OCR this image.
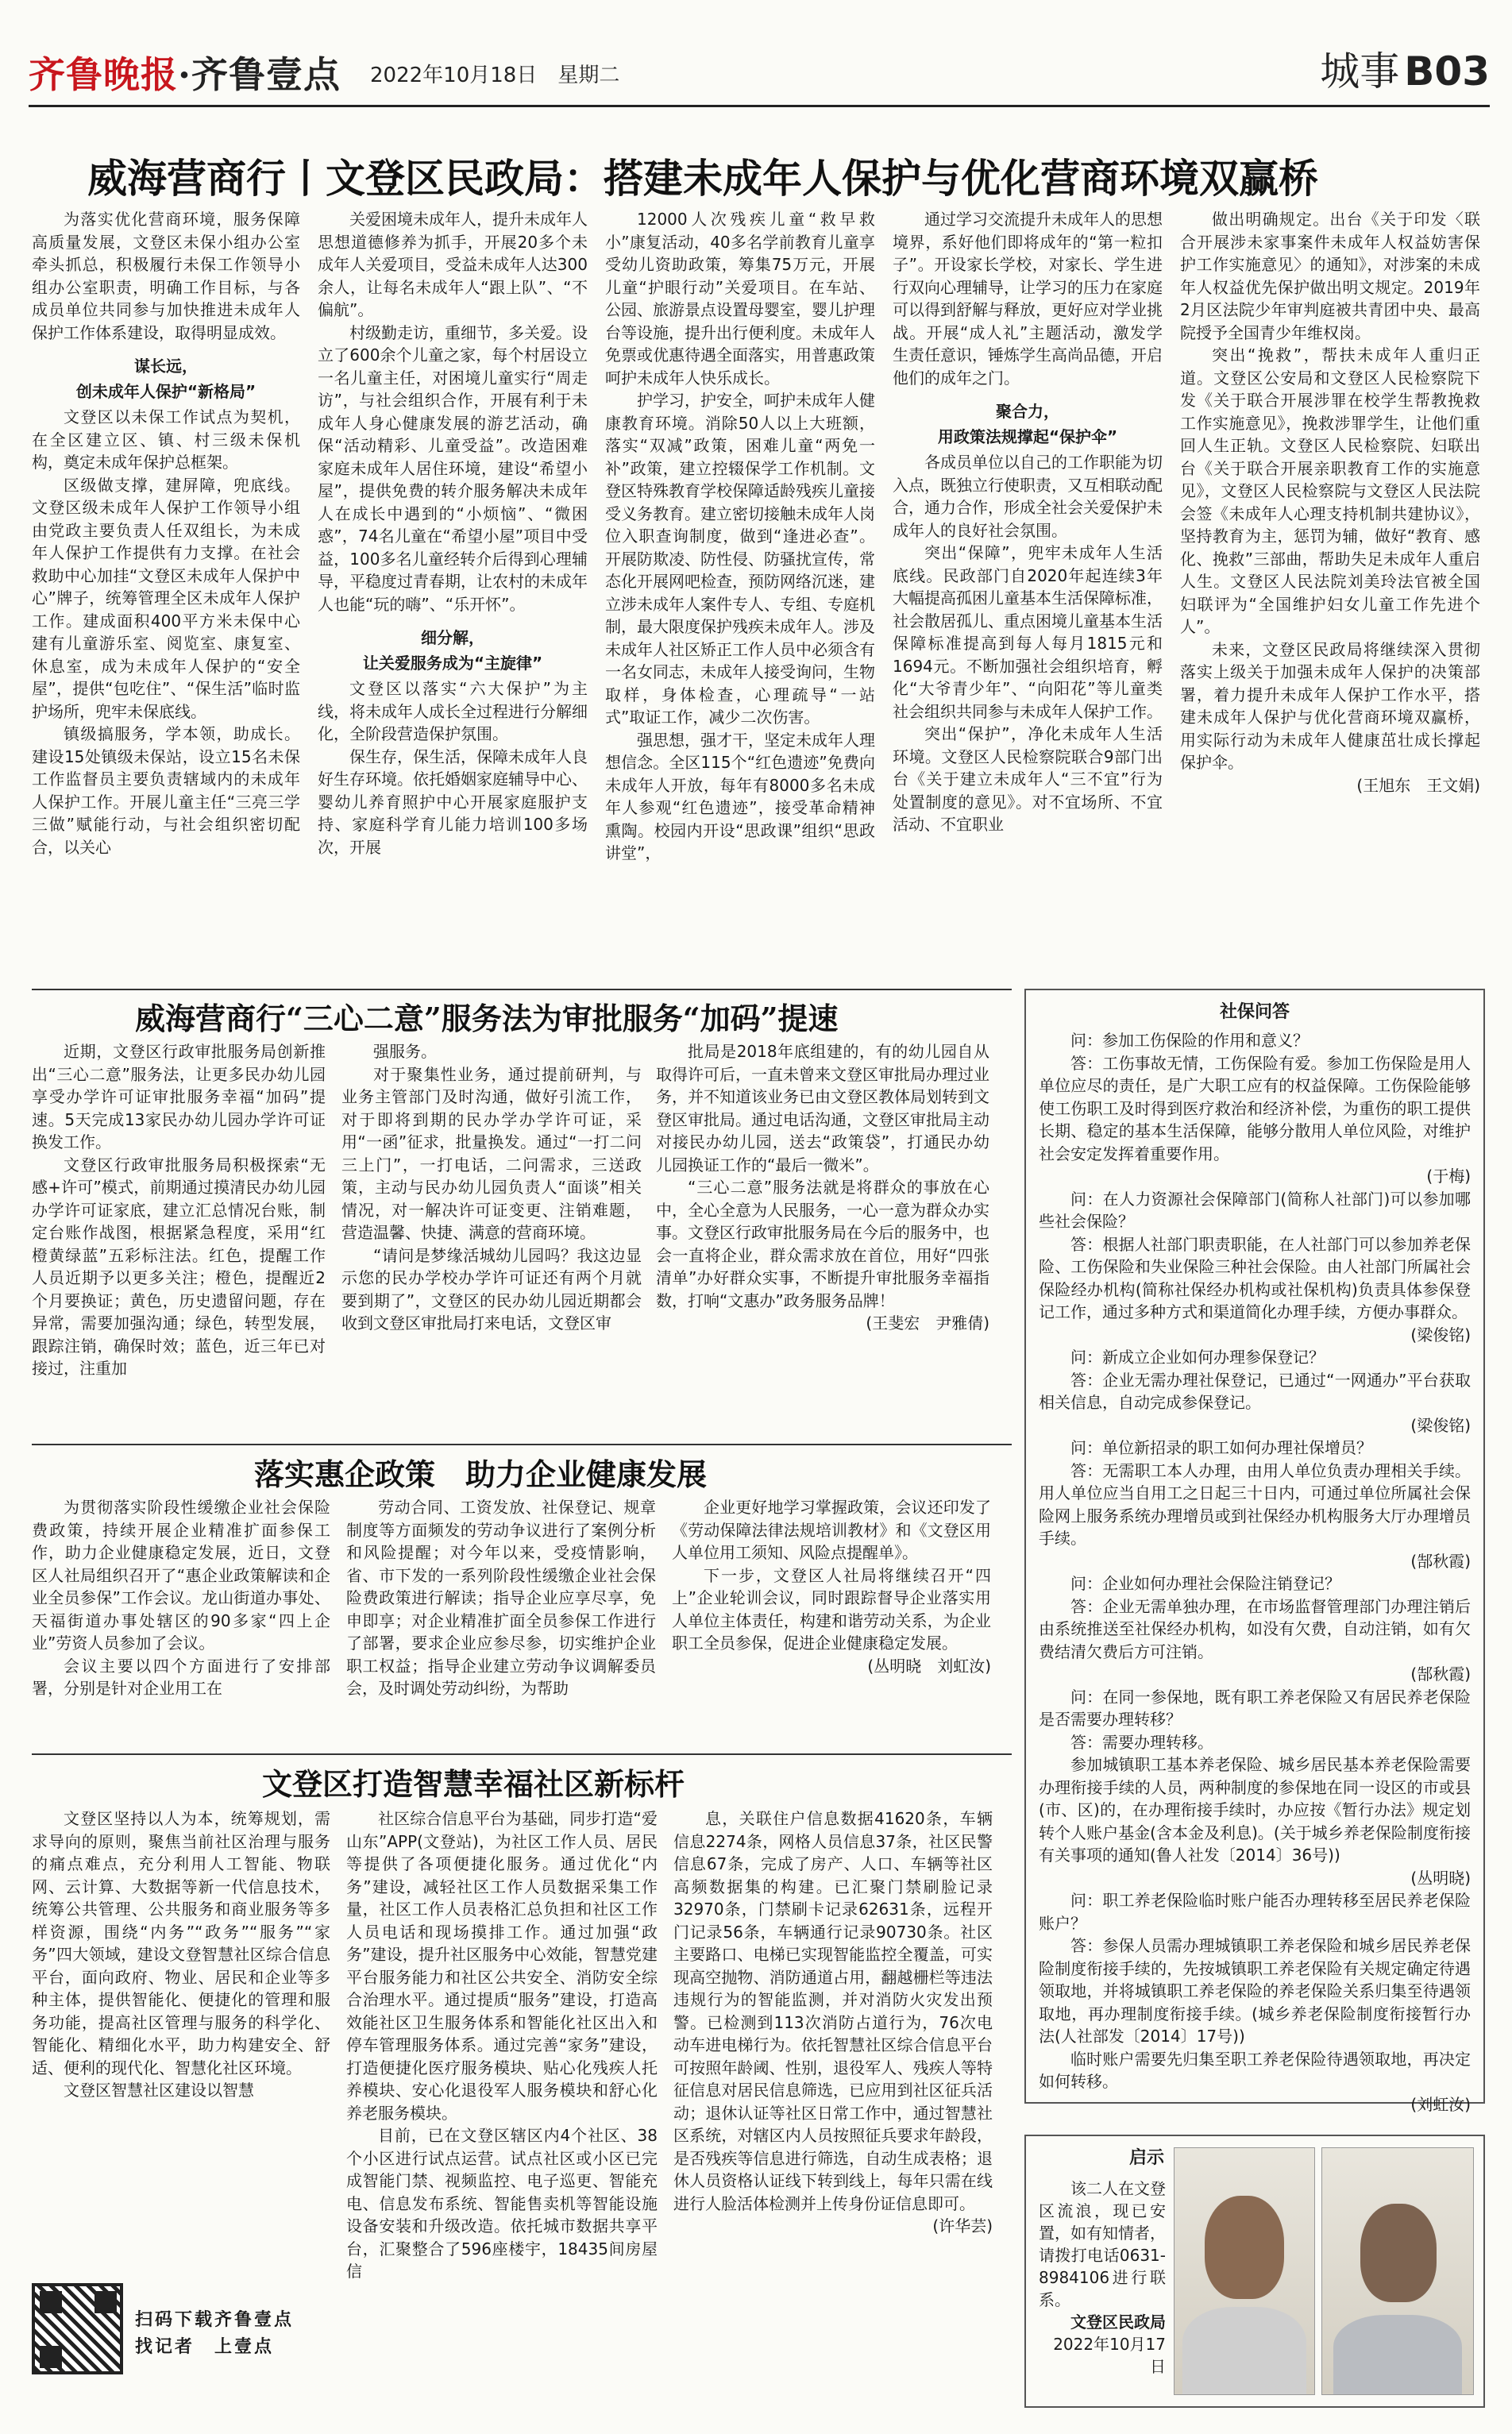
齐鲁晚报·齐鲁壹点 2022年10月18日　星期二	城事 B03
威海营商行丨文登区民政局：搭建未成年人保护与优化营商环境双赢桥

为落实优化营商环境，服务保障高质量发展，文登区未保小组办公室牵头抓总，积极履行未保工作领导小组办公室职责，明确工作目标，与各成员单位共同参与加快推进未成年人保护工作体系建设，取得明显成效。

谋长远，
创未成年人保护“新格局”

文登区以未保工作试点为契机，在全区建立区、镇、村三级未保机构，奠定未成年保护总框架。

区级做支撑，建屏障，兜底线。文登区级未成年人保护工作领导小组由党政主要负责人任双组长，为未成年人保护工作提供有力支撑。在社会救助中心加挂“文登区未成年人保护中心”牌子，统筹管理全区未成年人保护工作。建成面积400平方米未保中心建有儿童游乐室、阅览室、康复室、休息室，成为未成年人保护的“安全屋”，提供“包吃住”、“保生活”临时监护场所，兜牢未保底线。

镇级搞服务，学本领，助成长。建设15处镇级未保站，设立15名未保工作监督员主要负责辖域内的未成年人保护工作。开展儿童主任“三亮三学三做”赋能行动，与社会组织密切配合，以关心

关爱困境未成年人，提升未成年人思想道德修养为抓手，开展20多个未成年人关爱项目，受益未成年人达300余人，让每名未成年人“跟上队”、“不偏航”。

村级勤走访，重细节，多关爱。设立了600余个儿童之家，每个村居设立一名儿童主任，对困境儿童实行“周走访”，与社会组织合作，开展有利于未成年人身心健康发展的游艺活动，确保“活动精彩、儿童受益”。改造困难家庭未成年人居住环境，建设“希望小屋”，提供免费的转介服务解决未成年人在成长中遇到的“小烦恼”、“微困惑”，74名儿童在“希望小屋”项目中受益，100多名儿童经转介后得到心理辅导，平稳度过青春期，让农村的未成年人也能“玩的嗨”、“乐开怀”。

细分解，
让关爱服务成为“主旋律”

文登区以落实“六大保护”为主线，将未成年人成长全过程进行分解细化，全阶段营造保护氛围。

保生存，保生活，保障未成年人良好生存环境。依托婚姻家庭辅导中心、婴幼儿养育照护中心开展家庭服护支持、家庭科学育儿能力培训100多场次，开展

12000人次残疾儿童“救早救小”康复活动，40多名学前教育儿童享受幼儿资助政策，筹集75万元，开展儿童“护眼行动”关爱项目。在车站、公园、旅游景点设置母婴室，婴儿护理台等设施，提升出行便利度。未成年人免票或优惠待遇全面落实，用普惠政策呵护未成年人快乐成长。

护学习，护安全，呵护未成年人健康教育环境。消除50人以上大班额，落实“双减”政策，困难儿童“两免一补”政策，建立控辍保学工作机制。文登区特殊教育学校保障适龄残疾儿童接受义务教育。建立密切接触未成年人岗位入职查询制度，做到“逢进必查”。开展防欺凌、防性侵、防骚扰宣传，常态化开展网吧检查，预防网络沉迷，建立涉未成年人案件专人、专组、专庭机制，最大限度保护残疾未成年人。涉及未成年人社区矫正工作人员中必须含有一名女同志，未成年人接受询问，生物取样，身体检查，心理疏导“一站式”取证工作，减少二次伤害。

强思想，强才干，坚定未成年人理想信念。全区115个“红色遗迹”免费向未成年人开放，每年有8000多名未成年人参观“红色遗迹”，接受革命精神熏陶。校园内开设“思政课”组织“思政讲堂”，

通过学习交流提升未成年人的思想境界，系好他们即将成年的“第一粒扣子”。开设家长学校，对家长、学生进行双向心理辅导，让学习的压力在家庭可以得到舒解与释放，更好应对学业挑战。开展“成人礼”主题活动，激发学生责任意识，锤炼学生高尚品德，开启他们的成年之门。

聚合力，
用政策法规撑起“保护伞”

各成员单位以自己的工作职能为切入点，既独立行使职责，又互相联动配合，通力合作，形成全社会关爱保护未成年人的良好社会氛围。

突出“保障”，兜牢未成年人生活底线。民政部门自2020年起连续3年大幅提高孤困儿童基本生活保障标准，社会散居孤儿、重点困境儿童基本生活保障标准提高到每人每月1815元和1694元。不断加强社会组织培育，孵化“大爷青少年”、“向阳花”等儿童类社会组织共同参与未成年人保护工作。

突出“保护”，净化未成年人生活环境。文登区人民检察院联合9部门出台《关于建立未成年人“三不宜”行为处置制度的意见》。对不宜场所、不宜活动、不宜职业

做出明确规定。出台《关于印发〈联合开展涉未家事案件未成年人权益妨害保护工作实施意见〉的通知》，对涉案的未成年人权益优先保护做出明文规定。2019年2月区法院少年审判庭被共青团中央、最高院授予全国青少年维权岗。

突出“挽救”，帮扶未成年人重归正道。文登区公安局和文登区人民检察院下发《关于联合开展涉罪在校学生帮教挽救工作实施意见》，挽救涉罪学生，让他们重回人生正轨。文登区人民检察院、妇联出台《关于联合开展亲职教育工作的实施意见》，文登区人民检察院与文登区人民法院会签《未成年人心理支持机制共建协议》，坚持教育为主，惩罚为辅，做好“教育、感化、挽救”三部曲，帮助失足未成年人重启人生。文登区人民法院刘美玲法官被全国妇联评为“全国维护妇女儿童工作先进个人”。

未来，文登区民政局将继续深入贯彻落实上级关于加强未成年人保护的决策部署，着力提升未成年人保护工作水平，搭建未成年人保护与优化营商环境双赢桥，用实际行动为未成年人健康茁壮成长撑起保护伞。

(王旭东　王文娟)
威海营商行“三心二意”服务法为审批服务“加码”提速

近期，文登区行政审批服务局创新推出“三心二意”服务法，让更多民办幼儿园享受办学许可证审批服务幸福“加码”提速。5天完成13家民办幼儿园办学许可证换发工作。

文登区行政审批服务局积极探索“无感+许可”模式，前期通过摸清民办幼儿园办学许可证家底，建立汇总情况台账，制定台账作战图，根据紧急程度，采用“红橙黄绿蓝”五彩标注法。红色，提醒工作人员近期予以更多关注；橙色，提醒近2个月要换证；黄色，历史遗留问题，存在异常，需要加强沟通；绿色，转型发展，跟踪注销，确保时效；蓝色，近三年已对接过，注重加

强服务。

对于聚集性业务，通过提前研判，与业务主管部门及时沟通，做好引流工作，对于即将到期的民办学办学许可证，采用“一函”征求，批量换发。通过“一打二问三上门”，一打电话，二问需求，三送政策，主动与民办幼儿园负责人“面谈”相关情况，对一解决许可证变更、注销难题，营造温馨、快捷、满意的营商环境。

“请问是梦缘活城幼儿园吗？我这边显示您的民办学校办学许可证还有两个月就要到期了”，文登区的民办幼儿园近期都会收到文登区审批局打来电话，文登区审

批局是2018年底组建的，有的幼儿园自从取得许可后，一直未曾来文登区审批局办理过业务，并不知道该业务已由文登区教体局划转到文登区审批局。通过电话沟通，文登区审批局主动对接民办幼儿园，送去“政策袋”，打通民办幼儿园换证工作的“最后一微米”。

“三心二意”服务法就是将群众的事放在心中，全心全意为人民服务，一心一意为群众办实事。文登区行政审批服务局在今后的服务中，也会一直将企业，群众需求放在首位，用好“四张清单”办好群众实事，不断提升审批服务幸福指数，打响“文惠办”政务服务品牌！

(王斐宏　尹雅倩)
落实惠企政策　助力企业健康发展

为贯彻落实阶段性缓缴企业社会保险费政策，持续开展企业精准扩面参保工作，助力企业健康稳定发展，近日，文登区人社局组织召开了“惠企业政策解读和企业全员参保”工作会议。龙山街道办事处、天福街道办事处辖区的90多家“四上企业”劳资人员参加了会议。

会议主要以四个方面进行了安排部署，分别是针对企业用工在

劳动合同、工资发放、社保登记、规章制度等方面频发的劳动争议进行了案例分析和风险提醒；对今年以来，受疫情影响，省、市下发的一系列阶段性缓缴企业社会保险费政策进行解读；指导企业应享尽享，免申即享；对企业精准扩面全员参保工作进行了部署，要求企业应参尽参，切实维护企业职工权益；指导企业建立劳动争议调解委员会，及时调处劳动纠纷，为帮助

企业更好地学习掌握政策，会议还印发了《劳动保障法律法规培训教材》和《文登区用人单位用工须知、风险点提醒单》。

下一步，文登区人社局将继续召开“四上”企业轮训会议，同时跟踪督导企业落实用人单位主体责任，构建和谐劳动关系，为企业职工全员参保，促进企业健康稳定发展。

(丛明晓　刘虹汝)
文登区打造智慧幸福社区新标杆

文登区坚持以人为本，统筹规划，需求导向的原则，聚焦当前社区治理与服务的痛点难点，充分利用人工智能、物联网、云计算、大数据等新一代信息技术，统筹公共管理、公共服务和商业服务等多样资源，围绕“内务”“政务”“服务”“家务”四大领域，建设文登智慧社区综合信息平台，面向政府、物业、居民和企业等多种主体，提供智能化、便捷化的管理和服务功能，提高社区管理与服务的科学化、智能化、精细化水平，助力构建安全、舒适、便利的现代化、智慧化社区环境。

文登区智慧社区建设以智慧

社区综合信息平台为基础，同步打造“爱山东”APP(文登站)，为社区工作人员、居民等提供了各项便捷化服务。通过优化“内务”建设，减轻社区工作人员数据采集工作量，社区工作人员表格汇总负担和社区工作人员电话和现场摸排工作。通过加强“政务”建设，提升社区服务中心效能，智慧党建平台服务能力和社区公共安全、消防安全综合治理水平。通过提质“服务”建设，打造高效能社区卫生服务体系和智能化社区出入和停车管理服务体系。通过完善“家务”建设，打造便捷化医疗服务模块、贴心化残疾人托养模块、安心化退役军人服务模块和舒心化养老服务模块。

目前，已在文登区辖区内4个社区、38个小区进行试点运营。试点社区或小区已完成智能门禁、视频监控、电子巡更、智能充电、信息发布系统、智能售卖机等智能设施设备安装和升级改造。依托城市数据共享平台，汇聚整合了596座楼宇，18435间房屋信

息，关联住户信息数据41620条，车辆信息2274条，网格人员信息37条，社区民警信息67条，完成了房产、人口、车辆等社区高频数据集的构建。已汇聚门禁刷脸记录32970条，门禁刷卡记录62631条，远程开门记录56条，车辆通行记录90730条。社区主要路口、电梯已实现智能监控全覆盖，可实现高空抛物、消防通道占用，翻越栅栏等违法违规行为的智能监测，并对消防火灾发出预警。已检测到113次消防占道行为，76次电动车进电梯行为。依托智慧社区综合信息平台可按照年龄阈、性别，退役军人、残疾人等特征信息对居民信息筛选，已应用到社区征兵活动；退休认证等社区日常工作中，通过智慧社区系统，对辖区内人员按照征兵要求年龄段，是否残疾等信息进行筛选，自动生成表格；退休人员资格认证线下转到线上，每年只需在线进行人脸活体检测并上传身份证信息即可。

(许华芸)
扫码下载齐鲁壹点
找记者　上壹点
社保问答

问：参加工伤保险的作用和意义？

答：工伤事故无情，工伤保险有爱。参加工伤保险是用人单位应尽的责任，是广大职工应有的权益保障。工伤保险能够使工伤职工及时得到医疗救治和经济补偿，为重伤的职工提供长期、稳定的基本生活保障，能够分散用人单位风险，对维护社会安定发挥着重要作用。

(于梅)

问：在人力资源社会保障部门(简称人社部门)可以参加哪些社会保险？

答：根据人社部门职责职能，在人社部门可以参加养老保险、工伤保险和失业保险三种社会保险。由人社部门所属社会保险经办机构(简称社保经办机构或社保机构)负责具体参保登记工作，通过多种方式和渠道简化办理手续，方便办事群众。

(梁俊铭)

问：新成立企业如何办理参保登记？

答：企业无需办理社保登记，已通过“一网通办”平台获取相关信息，自动完成参保登记。

(梁俊铭)

问：单位新招录的职工如何办理社保增员？

答：无需职工本人办理，由用人单位负责办理相关手续。用人单位应当自用工之日起三十日内，可通过单位所属社会保险网上服务系统办理增员或到社保经办机构服务大厅办理增员手续。

(郜秋霞)

问：企业如何办理社会保险注销登记？

答：企业无需单独办理，在市场监督管理部门办理注销后由系统推送至社保经办机构，如没有欠费，自动注销，如有欠费结清欠费后方可注销。

(郜秋霞)

问：在同一参保地，既有职工养老保险又有居民养老保险是否需要办理转移？

答：需要办理转移。

参加城镇职工基本养老保险、城乡居民基本养老保险需要办理衔接手续的人员，两种制度的参保地在同一设区的市或县(市、区)的，在办理衔接手续时，办应按《暂行办法》规定划转个人账户基金(含本金及利息)。(关于城乡养老保险制度衔接有关事项的通知(鲁人社发〔2014〕36号))

(丛明晓)

问：职工养老保险临时账户能否办理转移至居民养老保险账户？

答：参保人员需办理城镇职工养老保险和城乡居民养老保险制度衔接手续的，先按城镇职工养老保险有关规定确定待遇领取地，并将城镇职工养老保险的养老保险关系归集至待遇领取地，再办理制度衔接手续。(城乡养老保险制度衔接暂行办法(人社部发〔2014〕17号))

临时账户需要先归集至职工养老保险待遇领取地，再决定如何转移。

(刘虹汝)
启示

该二人在文登区流浪，现已安置，如有知情者，请拨打电话0631-8984106进行联系。

文登区民政局
2022年10月17日
